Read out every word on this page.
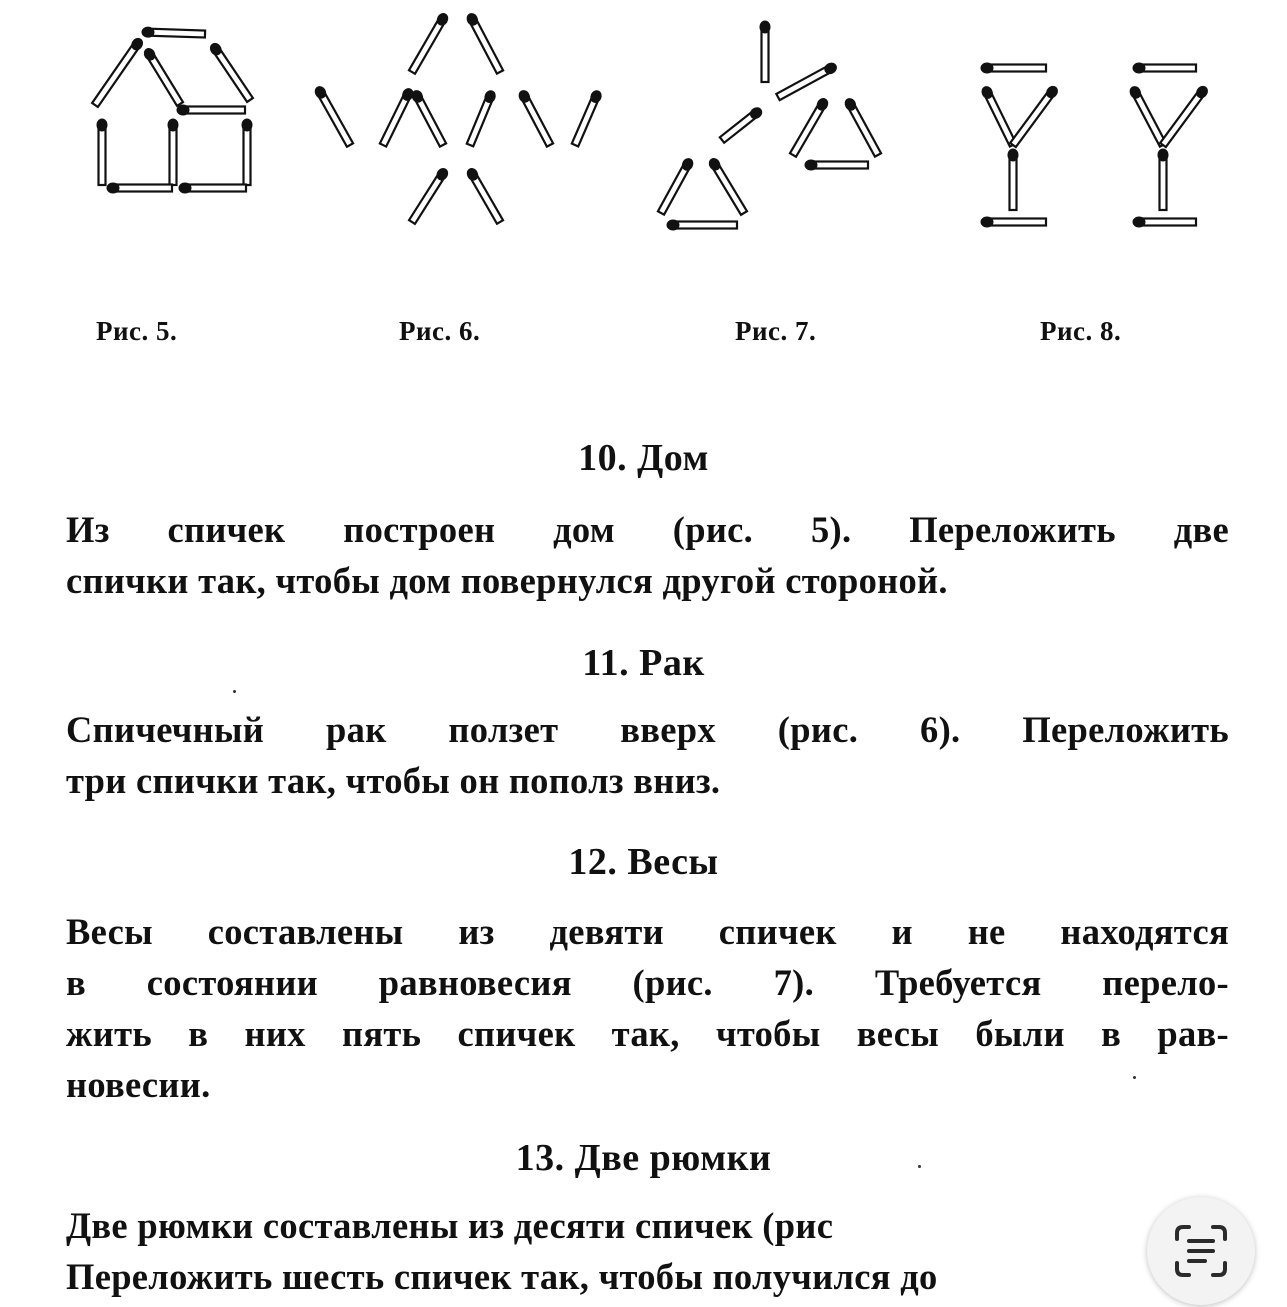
Рис. 5.	Рис. 6.	Рис. 7.	Рис. 8.
10. Дом
Из спичек построен дом (рис. 5). Переложить две
спички так, чтобы дом повернулся другой стороной.
11. Рак
Спичечный рак ползет вверх (рис. 6). Переложить
три спички так, чтобы он пополз вниз.
12. Весы
Весы составлены из девяти спичек и не находятся
в состоянии равновесия (рис. 7). Требуется перело-
жить в них пять спичек так, чтобы весы были в рав-
новесии.
13. Две рюмки
Две рюмки составлены из десяти спичек (рис
Переложить шесть спичек так, чтобы получился до
